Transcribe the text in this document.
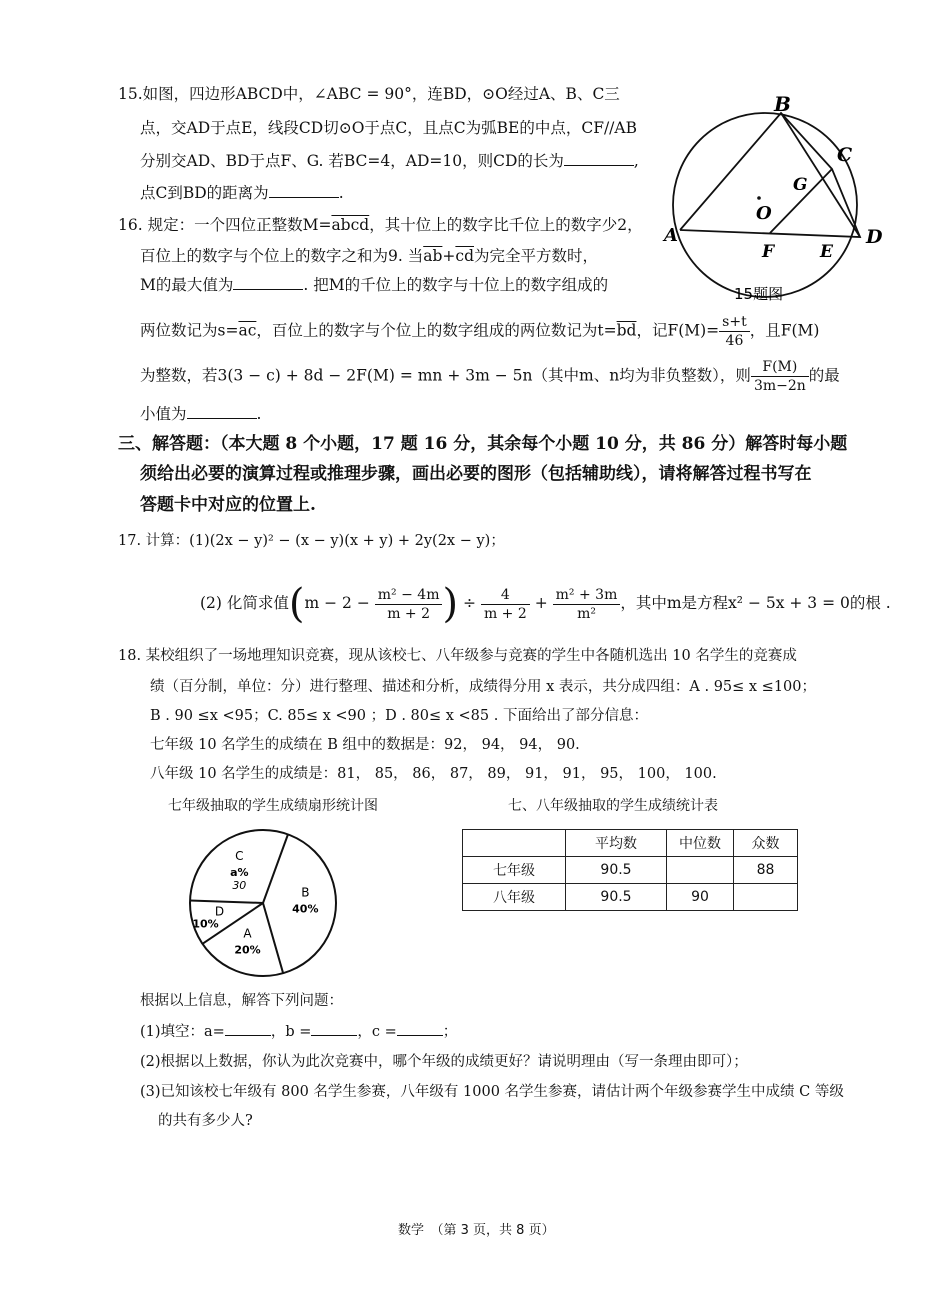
15.如图，四边形ABCD中，∠ABC = 90°，连BD，⊙O经过A、B、C三
点，交AD于点E，线段CD切⊙O于点C，且点C为弧BE的中点，CF//AB
分别交AD、BD于点F、G. 若BC=4，AD=10，则CD的长为	,
点C到BD的距离为	.
B
C
G
O
A
F	E
D
15题图
16. 规定：一个四位正整数M=abcd，其十位上的数字比千位上的数字少2，
百位上的数字与个位上的数字之和为9. 当$\overline{ab}+\overline{cd}$为完全平方数时，
M的最大值为	. 把M的千位上的数字与十位上的数字组成的
两位数记为$s=\overline{ac}$，百位上的数字与个位上的数字组成的两位数记为$t=\overline{bd}$，记$F(M)= \frac{s+t}{46}$ ，且F(M)
为整数，若3(3 − c) + 8d − 2F(M) = mn + 3m − 5n（其中m、n均为非负整数），则 $\frac{F(M)}{3m-2n}$ 的最
小值为	.
三、解答题：（本大题 8 个小题，17 题 16 分，其余每个小题 10 分，共 86 分）解答时每小题
须给出必要的演算过程或推理步骤，画出必要的图形（包括辅助线），请将解答过程书写在
答题卡中对应的位置上.
17. 计算：(1)(2x − y)² − (x − y)(x + y) + 2y(2x − y)；
(2) 化简求值($m - 2 - \frac{\text{m² − 4m}}{m + 2}$ ) ÷ $\frac{4}{m + 2} + \frac{\text{m² + 3m}}{\text{m²}}$ ，其中m是方程x² − 5x + 3 = 0的根 .
18. 某校组织了一场地理知识竞赛，现从该校七、八年级参与竞赛的学生中各随机选出 10 名学生的竞赛成
绩（百分制，单位：分）进行整理、描述和分析，成绩得分用 x 表示，共分成四组：A . 95≤ x ≤100；
B . 90 ≤x <95；C. 85≤ x <90 ；D . 80≤ x <85 . 下面给出了部分信息：
七年级 10 名学生的成绩在 B 组中的数据是：92， 94， 94， 90.
八年级 10 名学生的成绩是：81， 85， 86， 87， 89， 91， 91， 95， 100， 100.
七年级抽取的学生成绩扇形统计图	七、八年级抽取的学生成绩统计表
B
40%
A
20%
D
10%
C
a%
30
	平均数	中位数	众数
七年级	90.5		88
八年级	90.5	90	
根据以上信息，解答下列问题：
(1)填空：a=	，b =	，c =	；
(2)根据以上数据，你认为此次竞赛中，哪个年级的成绩更好？请说明理由（写一条理由即可）；
(3)已知该校七年级有 800 名学生参赛，八年级有 1000 名学生参赛，请估计两个年级参赛学生中成绩 C 等级
的共有多少人?
数学　（第 3 页，共 8 页）
